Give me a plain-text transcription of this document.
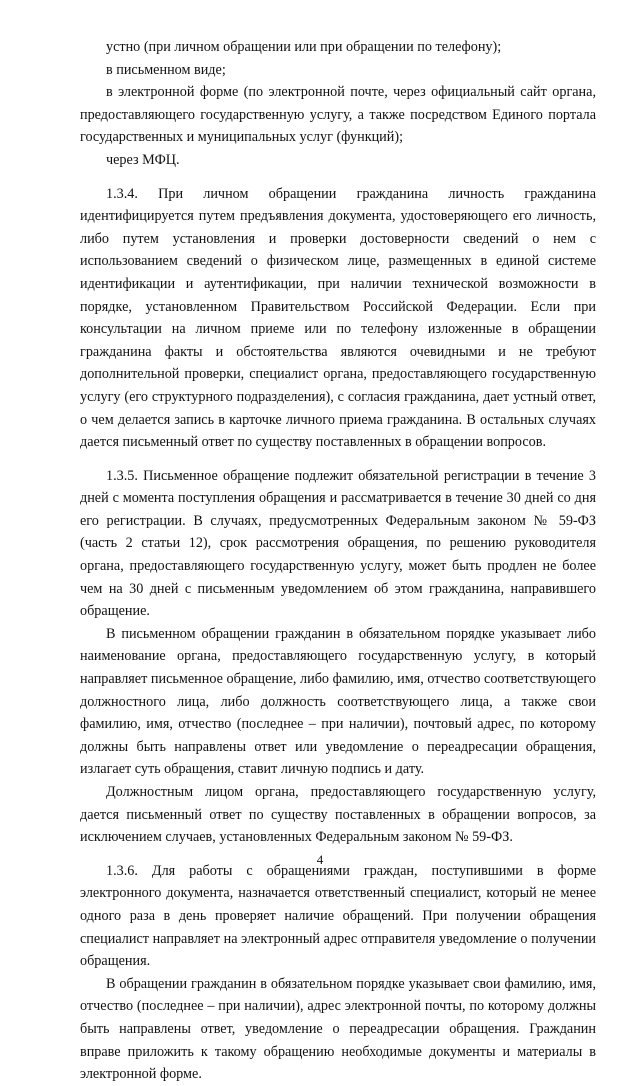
устно (при личном обращении или при обращении по телефону);

в письменном виде;

в электронной форме (по электронной почте, через официальный сайт органа, предоставляющего государственную услугу, а также посредством Единого портала государственных и муниципальных услуг (функций);

через МФЦ.

1.3.4. При личном обращении гражданина личность гражданина идентифицируется путем предъявления документа, удостоверяющего его личность, либо путем установления и проверки достоверности сведений о нем с использованием сведений о физическом лице, размещенных в единой системе идентификации и аутентификации, при наличии технической возможности в порядке, установленном Правительством Российской Федерации. Если при консультации на личном приеме или по телефону изложенные в обращении гражданина факты и обстоятельства являются очевидными и не требуют дополнительной проверки, специалист органа, предоставляющего государственную услугу (его структурного подразделения), с согласия гражданина, дает устный ответ, о чем делается запись в карточке личного приема гражданина. В остальных случаях дается письменный ответ по существу поставленных в обращении вопросов.

1.3.5. Письменное обращение подлежит обязательной регистрации в течение 3 дней с момента поступления обращения и рассматривается в течение 30 дней со дня его регистрации. В случаях, предусмотренных Федеральным законом № 59-ФЗ (часть 2 статьи 12), срок рассмотрения обращения, по решению руководителя органа, предоставляющего государственную услугу, может быть продлен не более чем на 30 дней с письменным уведомлением об этом гражданина, направившего обращение.

В письменном обращении гражданин в обязательном порядке указывает либо наименование органа, предоставляющего государственную услугу, в который направляет письменное обращение, либо фамилию, имя, отчество соответствующего должностного лица, либо должность соответствующего лица, а также свои фамилию, имя, отчество (последнее – при наличии), почтовый адрес, по которому должны быть направлены ответ или уведомление о переадресации обращения, излагает суть обращения, ставит личную подпись и дату.

Должностным лицом органа, предоставляющего государственную услугу, дается письменный ответ по существу поставленных в обращении вопросов, за исключением случаев, установленных Федеральным законом № 59-ФЗ.

1.3.6. Для работы с обращениями граждан, поступившими в форме электронного документа, назначается ответственный специалист, который не менее одного раза в день проверяет наличие обращений. При получении обращения специалист направляет на электронный адрес отправителя уведомление о получении обращения.

В обращении гражданин в обязательном порядке указывает свои фамилию, имя, отчество (последнее – при наличии), адрес электронной почты, по которому должны быть направлены ответ, уведомление о переадресации обращения. Гражданин вправе приложить к такому обращению необходимые документы и материалы в электронной форме.

4
